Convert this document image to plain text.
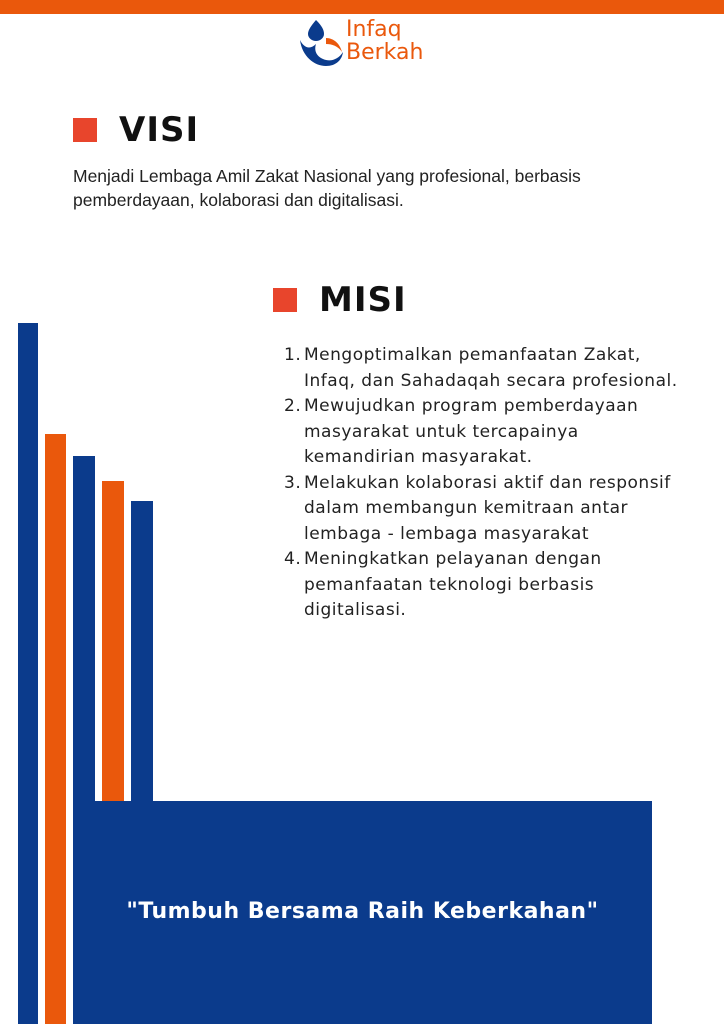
Infaq
Berkah
VISI

Menjadi Lembaga Amil Zakat Nasional yang profesional, berbasis pemberdayaan, kolaborasi dan digitalisasi.

MISI
1. Mengoptimalkan pemanfaatan Zakat, Infaq, dan Sahadaqah secara profesional.
2. Mewujudkan program pemberdayaan masyarakat untuk tercapainya kemandirian masyarakat.
3. Melakukan kolaborasi aktif dan responsif dalam membangun kemitraan antar lembaga - lembaga masyarakat
4. Meningkatkan pelayanan dengan pemanfaatan teknologi berbasis digitalisasi.
"Tumbuh Bersama Raih Keberkahan"
